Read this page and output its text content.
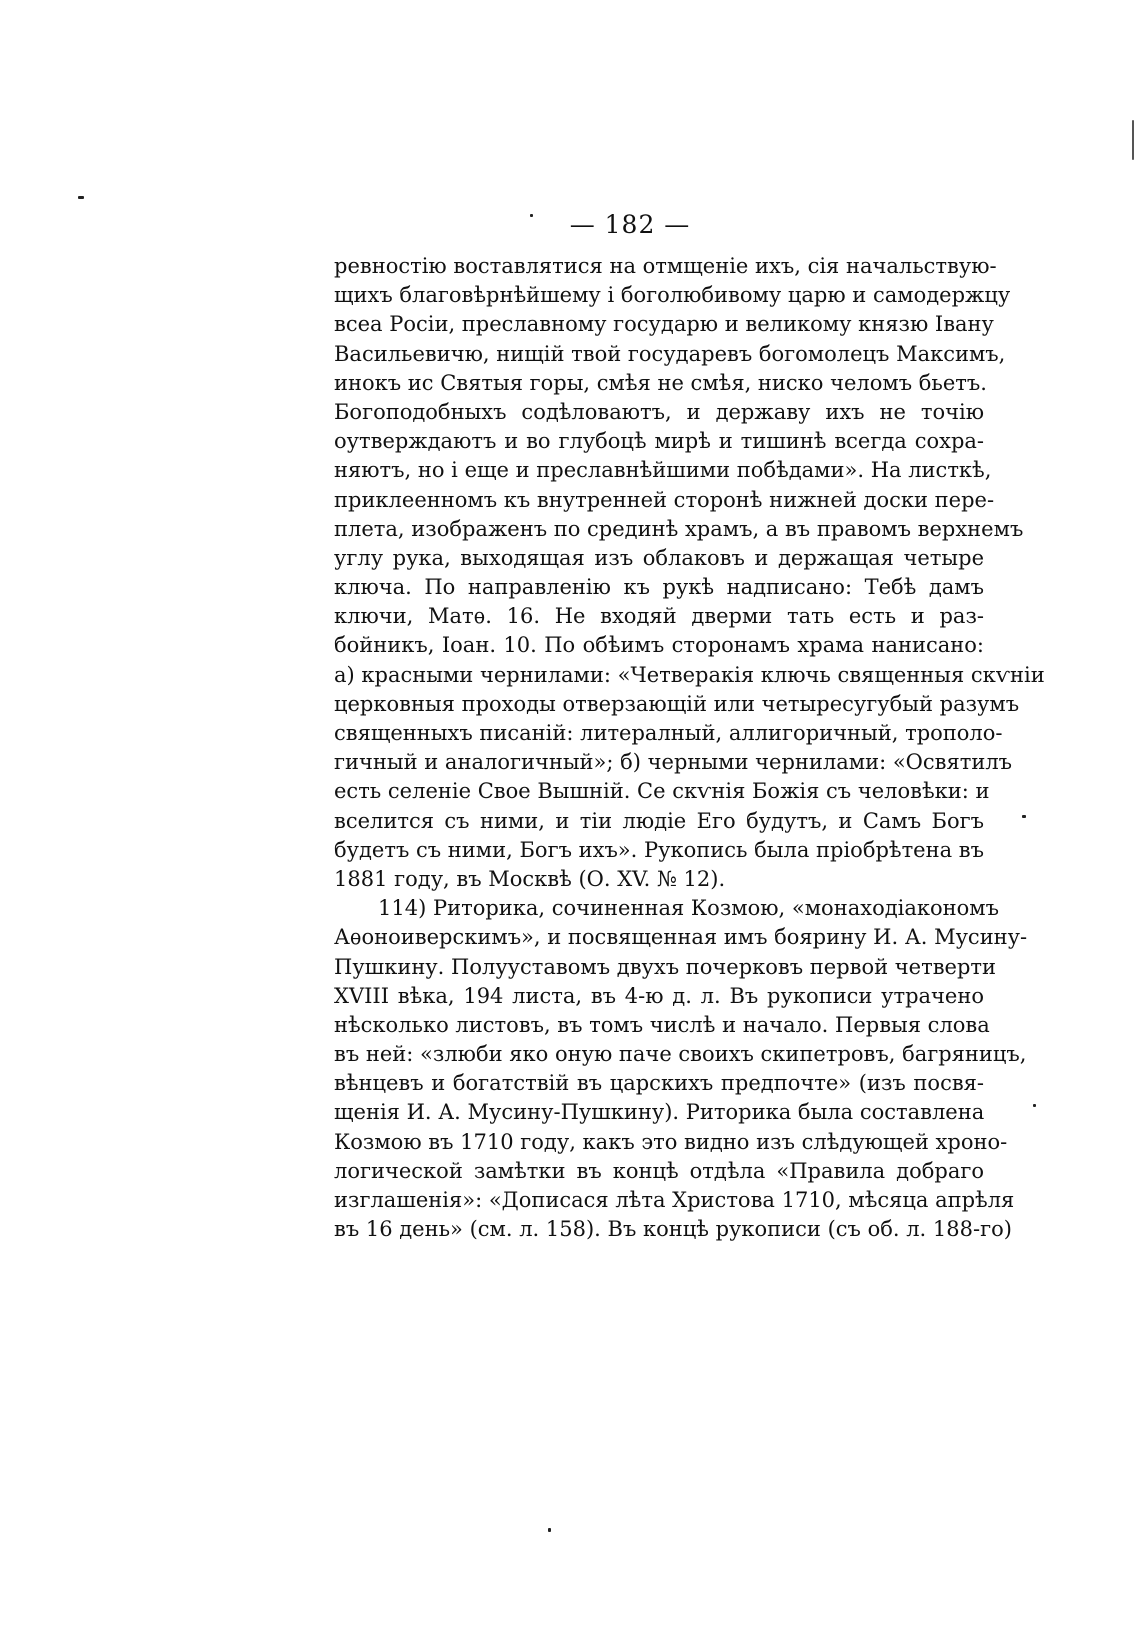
— 182 —
ревностію воставлятися на отмщеніе ихъ, сія начальствую-
щихъ благовѣрнѣйшему і боголюбивому царю и самодержцу
всеа Росіи, преславному государю и великому князю Івану
Васильевичю, нищій твой государевъ богомолецъ Максимъ,
инокъ ис Святыя горы, смѣя не смѣя, ниско челомъ бьетъ.
Богоподобныхъ содѣловаютъ, и державу ихъ не точію
оутверждаютъ и во глубоцѣ мирѣ и тишинѣ всегда сохра-
няютъ, но і еще и преславнѣйшими побѣдами». На листкѣ,
приклеенномъ къ внутренней сторонѣ нижней доски пере-
плета, изображенъ по срединѣ храмъ, а въ правомъ верхнемъ
углу рука, выходящая изъ облаковъ и держащая четыре
ключа. По направленію къ рукѣ надписано: Тебѣ дамъ
ключи, Матѳ. 16. Не входяй дверми тать есть и раз-
бойникъ, Іоан. 10. По обѣимъ сторонамъ храма нанисано:
а) красными чернилами: «Четверакія ключь священныя скѵніи
церковныя проходы отверзающій или четыресугубый разумъ
священныхъ писаній: литералный, аллигоричный, трополо-
гичный и аналогичный»; б) черными чернилами: «Освятилъ
есть селеніе Свое Вышній. Се скѵнія Божія съ человѣки: и
вселится съ ними, и тіи людіе Его будутъ, и Самъ Богъ
будетъ съ ними, Богъ ихъ». Рукопись была пріобрѣтена въ
1881 году, въ Москвѣ (О. XV. № 12).
114) Риторика, сочиненная Козмою, «монаходіакономъ
Аѳоноиверскимъ», и посвященная имъ боярину И. А. Мусину-
Пушкину. Полууставомъ двухъ почерковъ первой четверти
XVIII вѣка, 194 листа, въ 4-ю д. л. Въ рукописи утрачено
нѣсколько листовъ, въ томъ числѣ и начало. Первыя слова
въ ней: «злюби яко оную паче своихъ скипетровъ, багряницъ,
вѣнцевъ и богатствій въ царскихъ предпочте» (изъ посвя-
щенія И. А. Мусину-Пушкину). Риторика была составлена
Козмою въ 1710 году, какъ это видно изъ слѣдующей хроно-
логической замѣтки въ концѣ отдѣла «Правила добраго
изглашенія»: «Дописася лѣта Христова 1710, мѣсяца апрѣля
въ 16 день» (см. л. 158). Въ концѣ рукописи (съ об. л. 188-го)
